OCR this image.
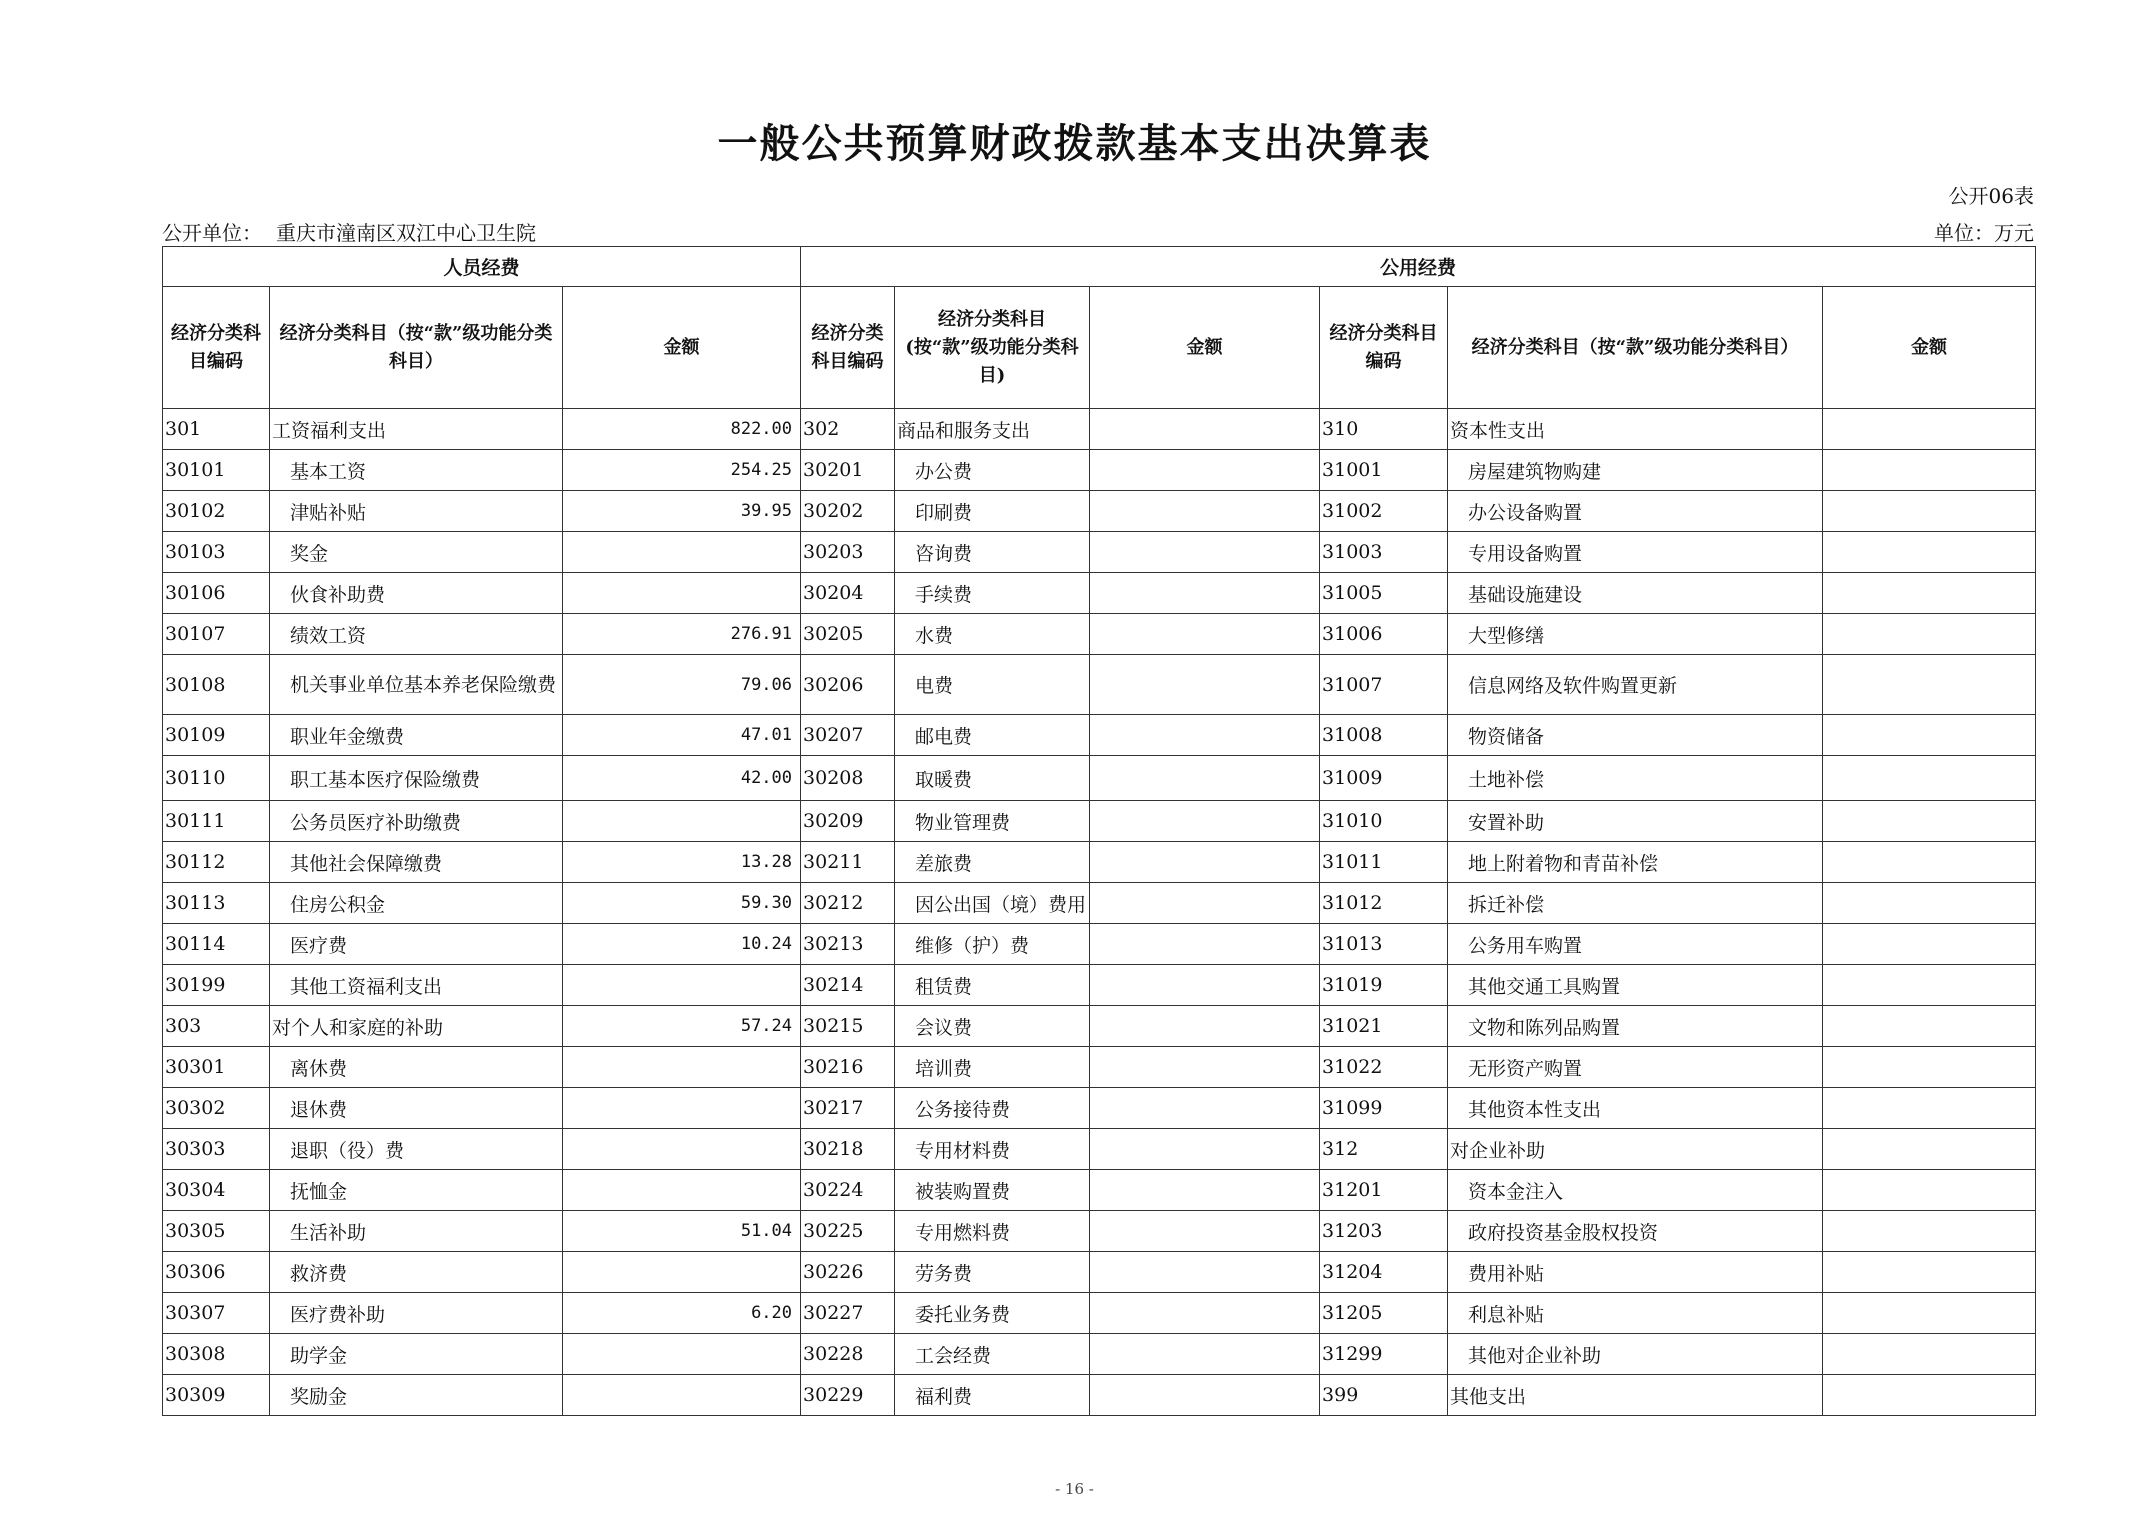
一般公共预算财政拨款基本支出决算表
公开06表
公开单位： 重庆市潼南区双江中心卫生院	单位：万元
人员经费			公用经费					
经济分类科目编码	经济分类科目（按“款”级功能分类科目）	金额	经济分类科目编码	经济分类科目(按“款”级功能分类科目)	金额	经济分类科目编码	经济分类科目（按“款”级功能分类科目）	金额
301	工资福利支出	822.00	302	商品和服务支出		310	资本性支出	
30101	基本工资	254.25	30201	办公费		31001	房屋建筑物购建	
30102	津贴补贴	39.95	30202	印刷费		31002	办公设备购置	
30103	奖金		30203	咨询费		31003	专用设备购置	
30106	伙食补助费		30204	手续费		31005	基础设施建设	
30107	绩效工资	276.91	30205	水费		31006	大型修缮	
30108	机关事业单位基本养老保险缴费	79.06	30206	电费		31007	信息网络及软件购置更新	
30109	职业年金缴费	47.01	30207	邮电费		31008	物资储备	
30110	职工基本医疗保险缴费	42.00	30208	取暖费		31009	土地补偿	
30111	公务员医疗补助缴费		30209	物业管理费		31010	安置补助	
30112	其他社会保障缴费	13.28	30211	差旅费		31011	地上附着物和青苗补偿	
30113	住房公积金	59.30	30212	因公出国（境）费用		31012	拆迁补偿	
30114	医疗费	10.24	30213	维修（护）费		31013	公务用车购置	
30199	其他工资福利支出		30214	租赁费		31019	其他交通工具购置	
303	对个人和家庭的补助	57.24	30215	会议费		31021	文物和陈列品购置	
30301	离休费		30216	培训费		31022	无形资产购置	
30302	退休费		30217	公务接待费		31099	其他资本性支出	
30303	退职（役）费		30218	专用材料费		312	对企业补助	
30304	抚恤金		30224	被装购置费		31201	资本金注入	
30305	生活补助	51.04	30225	专用燃料费		31203	政府投资基金股权投资	
30306	救济费		30226	劳务费		31204	费用补贴	
30307	医疗费补助	6.20	30227	委托业务费		31205	利息补贴	
30308	助学金		30228	工会经费		31299	其他对企业补助	
30309	奖励金		30229	福利费		399	其他支出	
- 16 -
